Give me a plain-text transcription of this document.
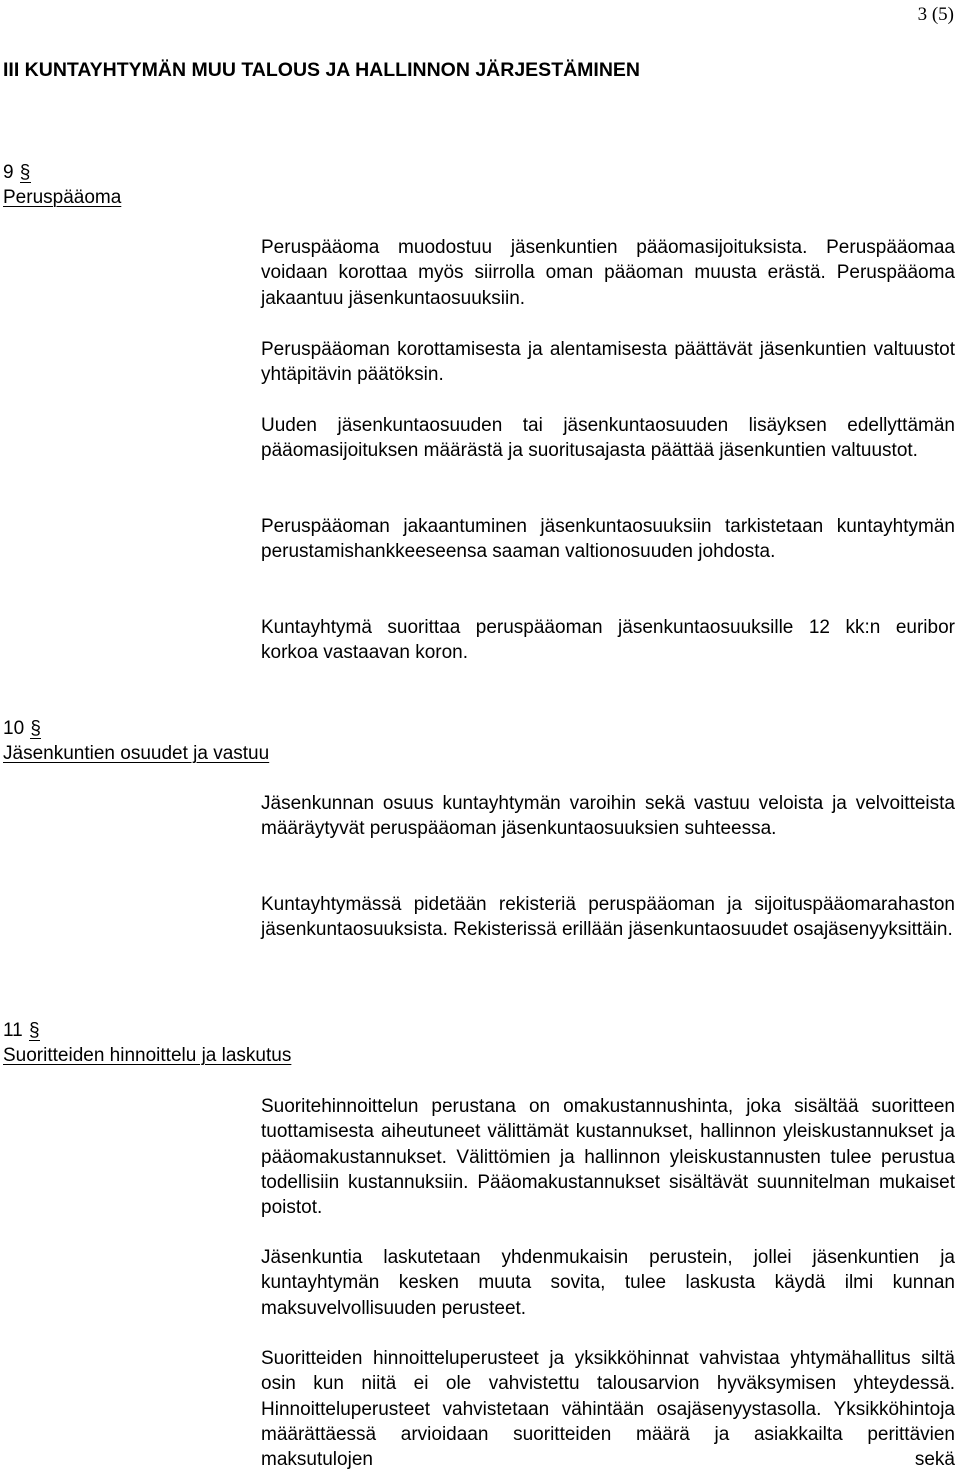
3 (5)
III KUNTAYHTYMÄN MUU TALOUS JA HALLINNON JÄRJESTÄMINEN
9 §
Peruspääoma

Peruspääoma muodostuu jäsenkuntien pääomasijoituksista. Peruspääomaa voidaan korottaa myös siirrolla oman pääoman muusta erästä. Peruspääoma jakaantuu jäsenkuntaosuuksiin.

Peruspääoman korottamisesta ja alentamisesta päättävät jäsenkuntien valtuustot yhtäpitävin päätöksin.

Uuden jäsenkuntaosuuden tai jäsenkuntaosuuden lisäyksen edellyttämän pääomasijoituksen määrästä ja suoritusajasta päättää jäsenkuntien valtuustot.

Peruspääoman jakaantuminen jäsenkuntaosuuksiin tarkistetaan kuntayhtymän perustamishankkeeseensa saaman valtionosuuden johdosta.

Kuntayhtymä suorittaa peruspääoman jäsenkuntaosuuksille 12 kk:n euribor korkoa vastaavan koron.

10 §
Jäsenkuntien osuudet ja vastuu

Jäsenkunnan osuus kuntayhtymän varoihin sekä vastuu veloista ja velvoitteista määräytyvät peruspääoman jäsenkuntaosuuksien suhteessa.

Kuntayhtymässä pidetään rekisteriä peruspääoman ja sijoituspääomarahaston jäsenkuntaosuuksista. Rekisterissä erillään jäsenkuntaosuudet osajäsenyyksittäin.

11 §
Suoritteiden hinnoittelu ja laskutus

Suoritehinnoittelun perustana on omakustannushinta, joka sisältää suoritteen tuottamisesta aiheutuneet välittämät kustannukset, hallinnon yleiskustannukset ja pääomakustannukset. Välittömien ja hallinnon yleiskustannusten tulee perustua todellisiin kustannuksiin. Pääomakustannukset sisältävät suunnitelman mukaiset poistot.

Jäsenkuntia laskutetaan yhdenmukaisin perustein, jollei jäsenkuntien ja kuntayhtymän kesken muuta sovita, tulee laskusta käydä ilmi kunnan maksuvelvollisuuden perusteet.

Suoritteiden hinnoitteluperusteet ja yksikköhinnat vahvistaa yhtymähallitus siltä osin kun niitä ei ole vahvistettu talousarvion hyväksymisen yhteydessä. Hinnoitteluperusteet vahvistetaan vähintään osajäsenyystasolla. Yksikköhintoja määrättäessä arvioidaan suoritteiden määrä ja asiakkailta perittävien maksutulojen sekä
